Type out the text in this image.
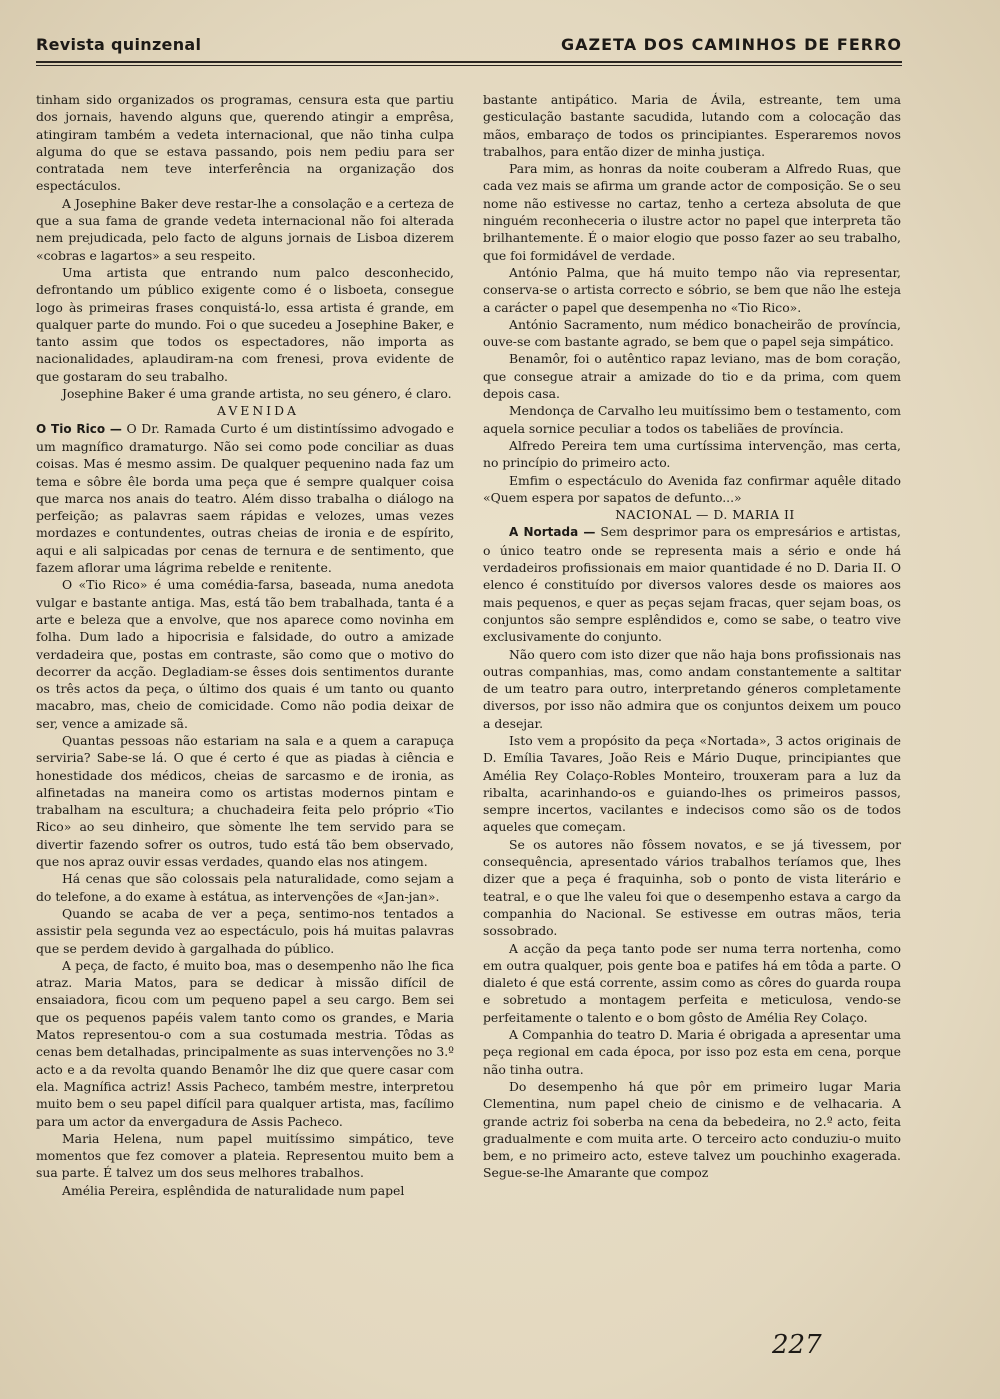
Revista quinzenal	GAZETA DOS CAMINHOS DE FERRO

tinham sido organizados os programas, censura esta que partiu dos jornais, havendo alguns que, querendo atingir a emprêsa, atingiram também a vedeta internacional, que não tinha culpa alguma do que se estava passando, pois nem pediu para ser contratada nem teve interferência na organização dos espectáculos.

A Josephine Baker deve restar-lhe a consolação e a certeza de que a sua fama de grande vedeta internacional não foi alterada nem prejudicada, pelo facto de alguns jornais de Lisboa dizerem «cobras e lagartos» a seu respeito.

Uma artista que entrando num palco desconhecido, defrontando um público exigente como é o lisboeta, consegue logo às primeiras frases conquistá-lo, essa artista é grande, em qualquer parte do mundo. Foi o que sucedeu a Josephine Baker, e tanto assim que todos os espectadores, não importa as nacionalidades, aplaudiram-na com frenesi, prova evidente de que gostaram do seu trabalho.

Josephine Baker é uma grande artista, no seu género, é claro.

AVENIDA

O Tio Rico — O Dr. Ramada Curto é um distintíssimo advogado e um magnífico dramaturgo. Não sei como pode conciliar as duas coisas. Mas é mesmo assim. De qualquer pequenino nada faz um tema e sôbre êle borda uma peça que é sempre qualquer coisa que marca nos anais do teatro. Além disso trabalha o diálogo na perfeição; as palavras saem rápidas e velozes, umas vezes mordazes e contundentes, outras cheias de ironia e de espírito, aqui e ali salpicadas por cenas de ternura e de sentimento, que fazem aflorar uma lágrima rebelde e renitente.

O «Tio Rico» é uma comédia-farsa, baseada, numa anedota vulgar e bastante antiga. Mas, está tão bem trabalhada, tanta é a arte e beleza que a envolve, que nos aparece como novinha em folha. Dum lado a hipocrisia e falsidade, do outro a amizade verdadeira que, postas em contraste, são como que o motivo do decorrer da acção. Degladiam-se êsses dois sentimentos durante os três actos da peça, o último dos quais é um tanto ou quanto macabro, mas, cheio de comicidade. Como não podia deixar de ser, vence a amizade sã.

Quantas pessoas não estariam na sala e a quem a carapuça serviria? Sabe-se lá. O que é certo é que as piadas à ciência e honestidade dos médicos, cheias de sarcasmo e de ironia, as alfinetadas na maneira como os artistas modernos pintam e trabalham na escultura; a chuchadeira feita pelo próprio «Tio Rico» ao seu dinheiro, que sòmente lhe tem servido para se divertir fazendo sofrer os outros, tudo está tão bem observado, que nos apraz ouvir essas verdades, quando elas nos atingem.

Há cenas que são colossais pela naturalidade, como sejam a do telefone, a do exame à estátua, as intervenções de «Jan-jan».

Quando se acaba de ver a peça, sentimo-nos tentados a assistir pela segunda vez ao espectáculo, pois há muitas palavras que se perdem devido à gargalhada do público.

A peça, de facto, é muito boa, mas o desempenho não lhe fica atraz. Maria Matos, para se dedicar à missão difícil de ensaiadora, ficou com um pequeno papel a seu cargo. Bem sei que os pequenos papéis valem tanto como os grandes, e Maria Matos representou-o com a sua costumada mestria. Tôdas as cenas bem detalhadas, principalmente as suas intervenções no 3.º acto e a da revolta quando Benamôr lhe diz que quere casar com ela. Magnífica actriz! Assis Pacheco, também mestre, interpretou muito bem o seu papel difícil para qualquer artista, mas, facílimo para um actor da envergadura de Assis Pacheco.

Maria Helena, num papel muitíssimo simpático, teve momentos que fez comover a plateia. Representou muito bem a sua parte. É talvez um dos seus melhores trabalhos.

Amélia Pereira, esplêndida de naturalidade num papel

bastante antipático. Maria de Ávila, estreante, tem uma gesticulação bastante sacudida, lutando com a colocação das mãos, embaraço de todos os principiantes. Esperaremos novos trabalhos, para então dizer de minha justiça.

Para mim, as honras da noite couberam a Alfredo Ruas, que cada vez mais se afirma um grande actor de composição. Se o seu nome não estivesse no cartaz, tenho a certeza absoluta de que ninguém reconheceria o ilustre actor no papel que interpreta tão brilhantemente. É o maior elogio que posso fazer ao seu trabalho, que foi formidável de verdade.

António Palma, que há muito tempo não via representar, conserva-se o artista correcto e sóbrio, se bem que não lhe esteja a carácter o papel que desempenha no «Tio Rico».

António Sacramento, num médico bonacheirão de província, ouve-se com bastante agrado, se bem que o papel seja simpático.

Benamôr, foi o autêntico rapaz leviano, mas de bom coração, que consegue atrair a amizade do tio e da prima, com quem depois casa.

Mendonça de Carvalho leu muitíssimo bem o testamento, com aquela sornice peculiar a todos os tabeliães de província.

Alfredo Pereira tem uma curtíssima intervenção, mas certa, no princípio do primeiro acto.

Emfim o espectáculo do Avenida faz confirmar aquêle ditado «Quem espera por sapatos de defunto...»

NACIONAL — D. MARIA II

A Nortada — Sem desprimor para os empresários e artistas, o único teatro onde se representa mais a sério e onde há verdadeiros profissionais em maior quantidade é no D. Daria II. O elenco é constituído por diversos valores desde os maiores aos mais pequenos, e quer as peças sejam fracas, quer sejam boas, os conjuntos são sempre esplêndidos e, como se sabe, o teatro vive exclusivamente do conjunto.

Não quero com isto dizer que não haja bons profissionais nas outras companhias, mas, como andam constantemente a saltitar de um teatro para outro, interpretando géneros completamente diversos, por isso não admira que os conjuntos deixem um pouco a desejar.

Isto vem a propósito da peça «Nortada», 3 actos originais de D. Emília Tavares, João Reis e Mário Duque, principiantes que Amélia Rey Colaço-Robles Monteiro, trouxeram para a luz da ribalta, acarinhando-os e guiando-lhes os primeiros passos, sempre incertos, vacilantes e indecisos como são os de todos aqueles que começam.

Se os autores não fôssem novatos, e se já tivessem, por consequência, apresentado vários trabalhos teríamos que, lhes dizer que a peça é fraquinha, sob o ponto de vista literário e teatral, e o que lhe valeu foi que o desempenho estava a cargo da companhia do Nacional. Se estivesse em outras mãos, teria sossobrado.

A acção da peça tanto pode ser numa terra nortenha, como em outra qualquer, pois gente boa e patifes há em tôda a parte. O dialeto é que está corrente, assim como as côres do guarda roupa e sobretudo a montagem perfeita e meticulosa, vendo-se perfeitamente o talento e o bom gôsto de Amélia Rey Colaço.

A Companhia do teatro D. Maria é obrigada a apresentar uma peça regional em cada época, por isso poz esta em cena, porque não tinha outra.

Do desempenho há que pôr em primeiro lugar Maria Clementina, num papel cheio de cinismo e de velhacaria. A grande actriz foi soberba na cena da bebedeira, no 2.º acto, feita gradualmente e com muita arte. O terceiro acto conduziu-o muito bem, e no primeiro acto, esteve talvez um pouchinho exagerada. Segue-se-lhe Amarante que compoz

227
